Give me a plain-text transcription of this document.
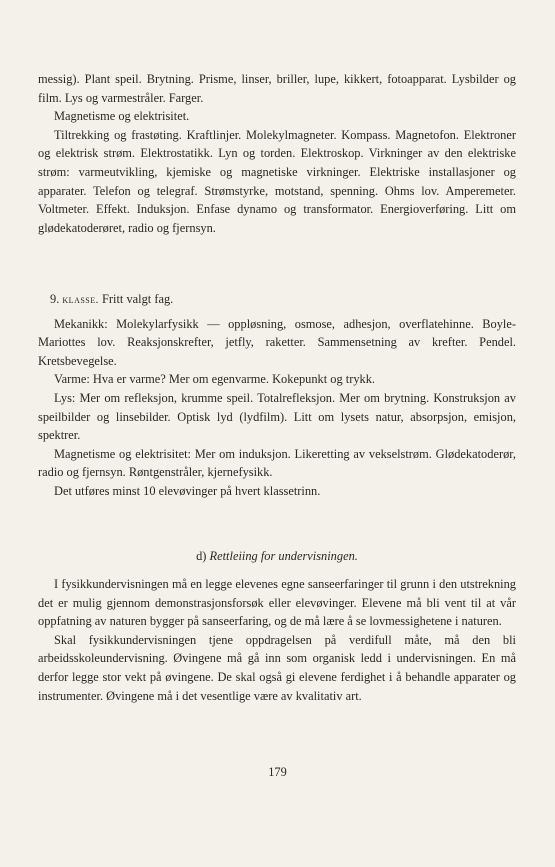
messig). Plant speil. Brytning. Prisme, linser, briller, lupe, kikkert, fotoapparat. Lysbilder og film. Lys og varmestråler. Farger.

Magnetisme og elektrisitet.

Tiltrekking og frastøting. Kraftlinjer. Molekylmagneter. Kompass. Magnetofon. Elektroner og elektrisk strøm. Elektrostatikk. Lyn og torden. Elektroskop. Virkninger av den elektriske strøm: varmeutvikling, kjemiske og magnetiske virkninger. Elektriske installasjoner og apparater. Telefon og telegraf. Strømstyrke, motstand, spenning. Ohms lov. Amperemeter. Voltmeter. Effekt. Induksjon. Enfase dynamo og transformator. Energioverføring. Litt om glødekatoderøret, radio og fjernsyn.

9. klasse. Fritt valgt fag.

Mekanikk: Molekylarfysikk — oppløsning, osmose, adhesjon, overflatehinne. Boyle-Mariottes lov. Reaksjonskrefter, jetfly, raketter. Sammensetning av krefter. Pendel. Kretsbevegelse.

Varme: Hva er varme? Mer om egenvarme. Kokepunkt og trykk.

Lys: Mer om refleksjon, krumme speil. Totalrefleksjon. Mer om brytning. Konstruksjon av speilbilder og linsebilder. Optisk lyd (lydfilm). Litt om lysets natur, absorpsjon, emisjon, spektrer.

Magnetisme og elektrisitet: Mer om induksjon. Likeretting av vekselstrøm. Glødekatoderør, radio og fjernsyn. Røntgenstråler, kjernefysikk.

Det utføres minst 10 elevøvinger på hvert klassetrinn.

d) Rettleiing for undervisningen.

I fysikkundervisningen må en legge elevenes egne sanseerfaringer til grunn i den utstrekning det er mulig gjennom demonstrasjonsforsøk eller elevøvinger. Elevene må bli vent til at vår oppfatning av naturen bygger på sanseerfaring, og de må lære å se lovmessighetene i naturen.

Skal fysikkundervisningen tjene oppdragelsen på verdifull måte, må den bli arbeidsskoleundervisning. Øvingene må gå inn som organisk ledd i undervisningen. En må derfor legge stor vekt på øvingene. De skal også gi elevene ferdighet i å behandle apparater og instrumenter. Øvingene må i det vesentlige være av kvalitativ art.

179
